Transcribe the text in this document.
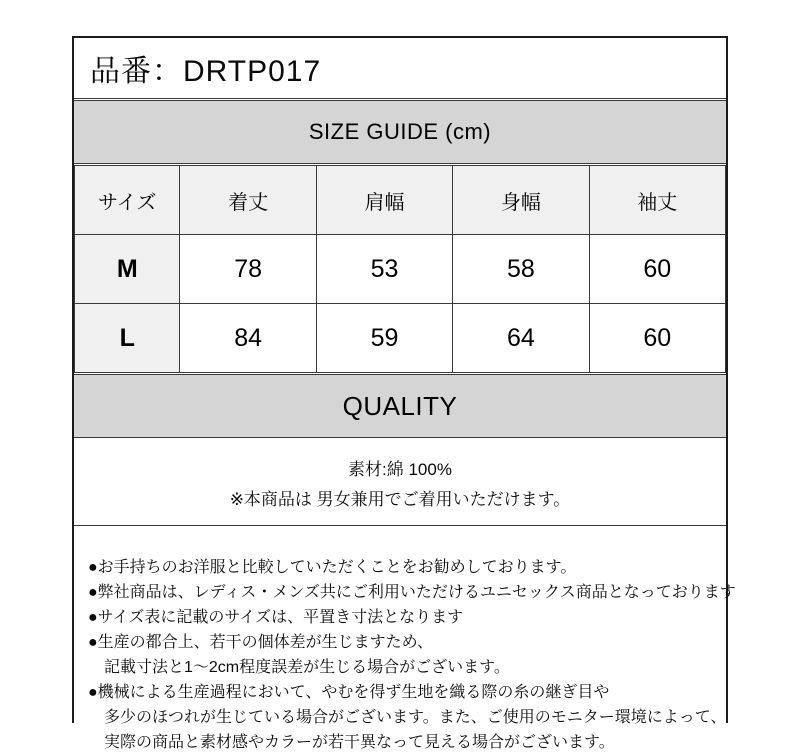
品番：DRTP017
SIZE GUIDE (cm)
サイズ	着丈	肩幅	身幅	袖丈
M	78	53	58	60
L	84	59	64	60
QUALITY
素材:綿 100%
※本商品は 男女兼用でご着用いただけます。
●お手持ちのお洋服と比較していただくことをお勧めしております。
●弊社商品は、レディス・メンズ共にご利用いただけるユニセックス商品となっております
●サイズ表に記載のサイズは、平置き寸法となります
●生産の都合上、若干の個体差が生じますため、
　記載寸法と1～2cm程度誤差が生じる場合がございます。
●機械による生産過程において、やむを得ず生地を織る際の糸の継ぎ目や
　多少のほつれが生じている場合がございます。また、ご使用のモニター環境によって、
　実際の商品と素材感やカラーが若干異なって見える場合がございます。
